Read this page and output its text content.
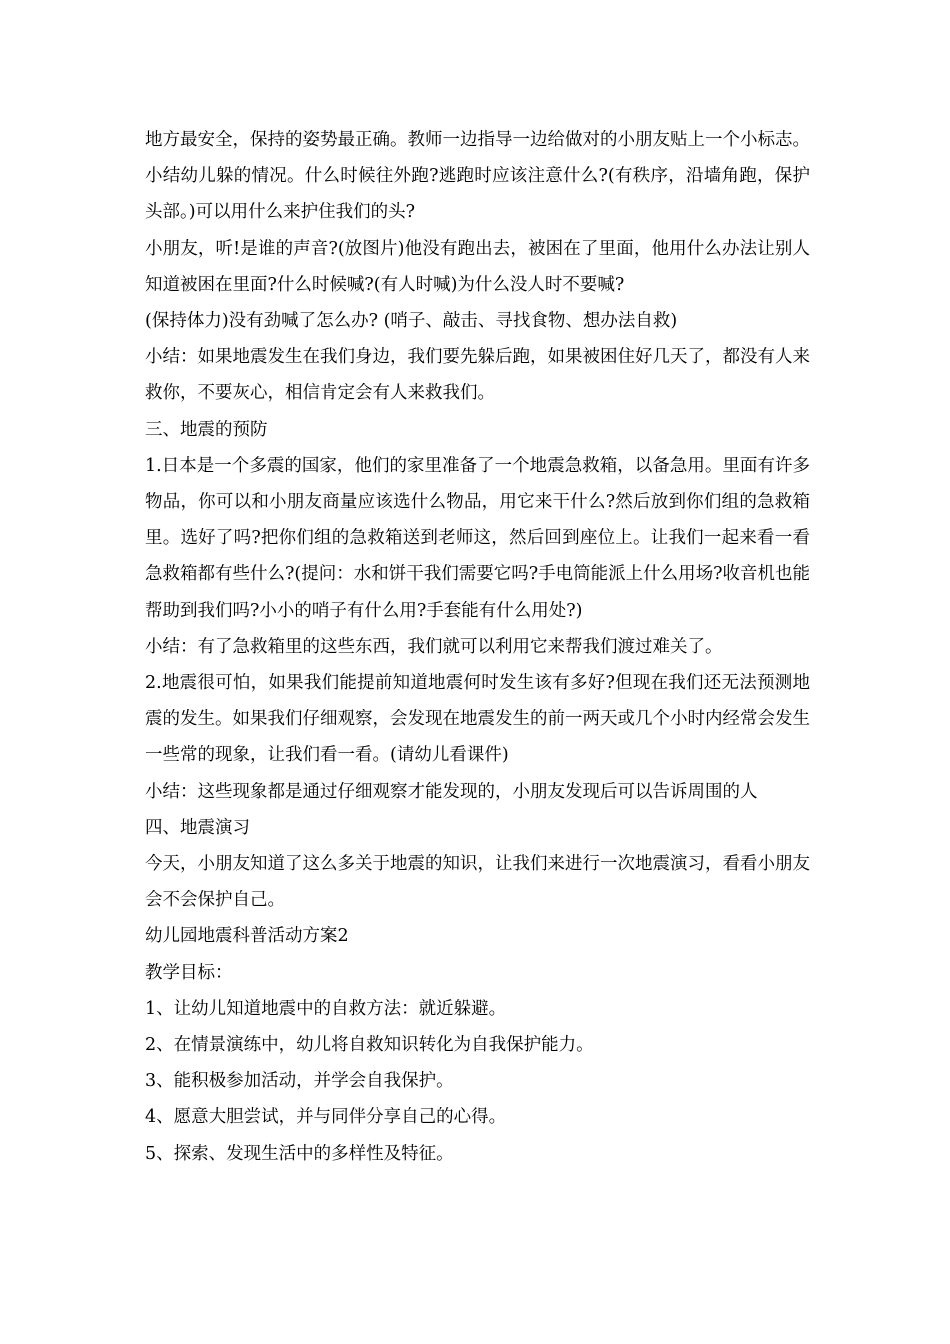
地方最安全，保持的姿势最正确。教师一边指导一边给做对的小朋友贴上一个小标志。小结幼儿躲的情况。什么时候往外跑?逃跑时应该注意什么?(有秩序，沿墙角跑，保护头部。)可以用什么来护住我们的头?

小朋友，听!是谁的声音?(放图片)他没有跑出去，被困在了里面，他用什么办法让别人知道被困在里面?什么时候喊?(有人时喊)为什么没人时不要喊?

(保持体力)没有劲喊了怎么办? (哨子、敲击、寻找食物、想办法自救)

小结：如果地震发生在我们身边，我们要先躲后跑，如果被困住好几天了，都没有人来救你，不要灰心，相信肯定会有人来救我们。

三、地震的预防

1.日本是一个多震的国家，他们的家里准备了一个地震急救箱，以备急用。里面有许多物品，你可以和小朋友商量应该选什么物品，用它来干什么?然后放到你们组的急救箱里。选好了吗?把你们组的急救箱送到老师这，然后回到座位上。让我们一起来看一看急救箱都有些什么?(提问：水和饼干我们需要它吗?手电筒能派上什么用场?收音机也能帮助到我们吗?小小的哨子有什么用?手套能有什么用处?)

小结：有了急救箱里的这些东西，我们就可以利用它来帮我们渡过难关了。

2.地震很可怕，如果我们能提前知道地震何时发生该有多好?但现在我们还无法预测地震的发生。如果我们仔细观察，会发现在地震发生的前一两天或几个小时内经常会发生一些常的现象，让我们看一看。(请幼儿看课件)

小结：这些现象都是通过仔细观察才能发现的，小朋友发现后可以告诉周围的人

四、地震演习

今天，小朋友知道了这么多关于地震的知识，让我们来进行一次地震演习，看看小朋友会不会保护自己。

幼儿园地震科普活动方案2

教学目标：

1、让幼儿知道地震中的自救方法：就近躲避。

2、在情景演练中，幼儿将自救知识转化为自我保护能力。

3、能积极参加活动，并学会自我保护。

4、愿意大胆尝试，并与同伴分享自己的心得。

5、探索、发现生活中的多样性及特征。
